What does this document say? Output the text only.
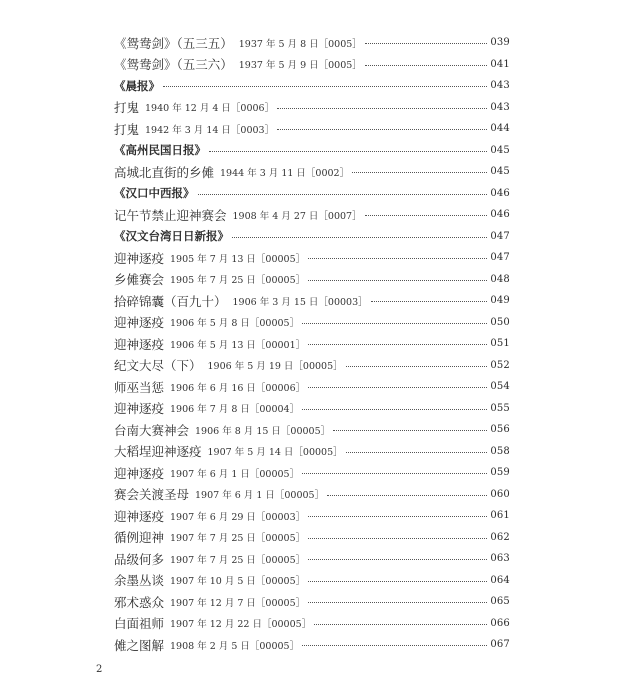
《鸳鸯剑》（五三五） 1937 年 5 月 8 日［0005］	039
《鸳鸯剑》（五三六） 1937 年 5 月 9 日［0005］	041
《晨报》	043
打鬼 1940 年 12 月 4 日［0006］	043
打鬼 1942 年 3 月 14 日［0003］	044
《高州民国日报》	045
高城北直街的乡傩 1944 年 3 月 11 日［0002］	045
《汉口中西报》	046
记午节禁止迎神赛会 1908 年 4 月 27 日［0007］	046
《汉文台湾日日新报》	047
迎神逐疫 1905 年 7 月 13 日［00005］	047
乡傩赛会 1905 年 7 月 25 日［00005］	048
拾碎锦囊（百九十） 1906 年 3 月 15 日［00003］	049
迎神逐疫 1906 年 5 月 8 日［00005］	050
迎神逐疫 1906 年 5 月 13 日［00001］	051
纪文大尽（下） 1906 年 5 月 19 日［00005］	052
师巫当惩 1906 年 6 月 16 日［00006］	054
迎神逐疫 1906 年 7 月 8 日［00004］	055
台南大赛神会 1906 年 8 月 15 日［00005］	056
大稻埕迎神逐疫 1907 年 5 月 14 日［00005］	058
迎神逐疫 1907 年 6 月 1 日［00005］	059
赛会关渡圣母 1907 年 6 月 1 日［00005］	060
迎神逐疫 1907 年 6 月 29 日［00003］	061
循例迎神 1907 年 7 月 25 日［00005］	062
品级何多 1907 年 7 月 25 日［00005］	063
余墨丛谈 1907 年 10 月 5 日［00005］	064
邪术惑众 1907 年 12 月 7 日［00005］	065
白面祖师 1907 年 12 月 22 日［00005］	066
傩之图解 1908 年 2 月 5 日［00005］	067
2
